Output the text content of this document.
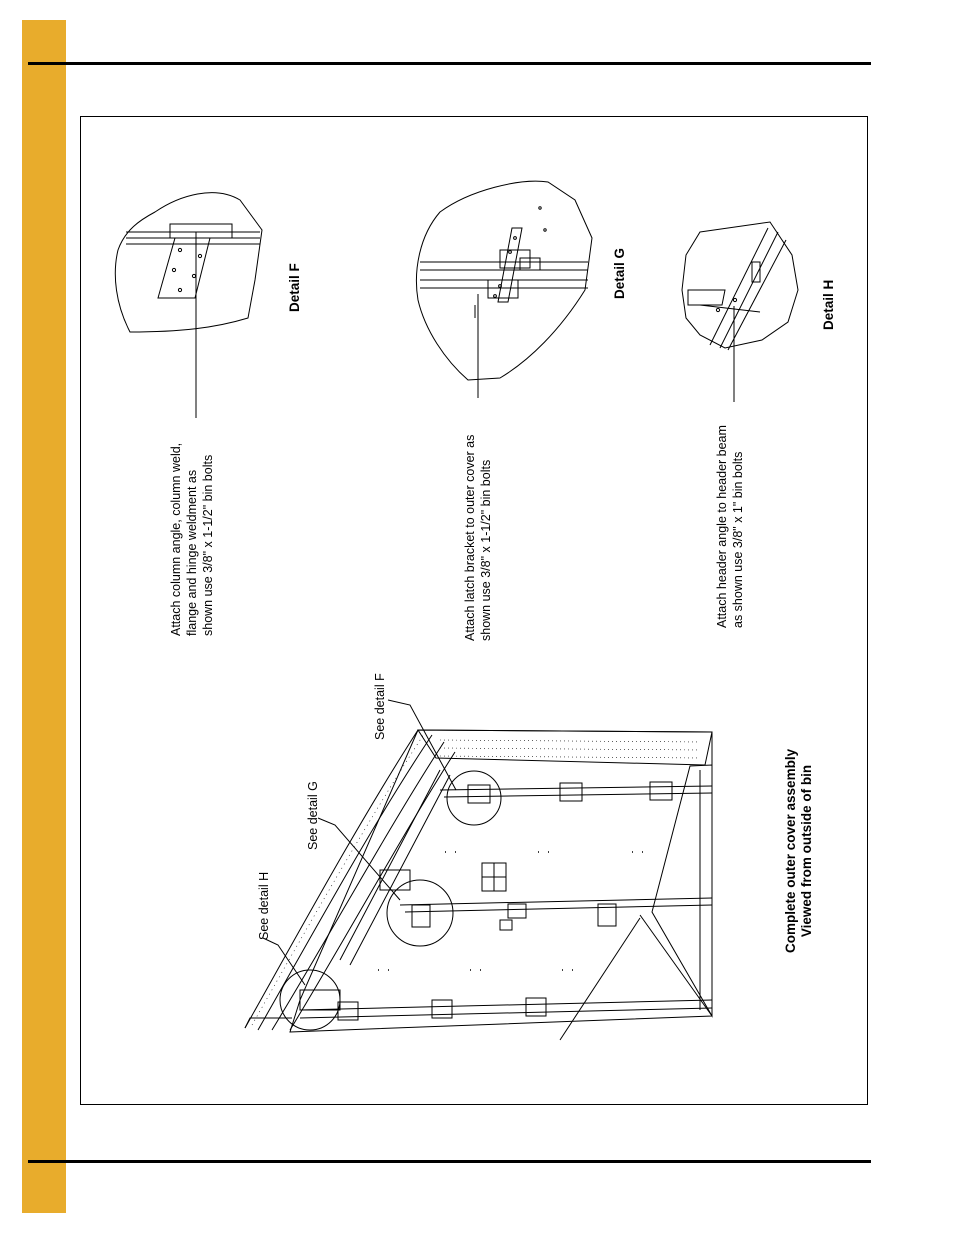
Detail F	Detail G
Detail H
Attach column angle, column weld, flange and hinge weldment as shown use 3/8" x 1-1/2" bin bolts	Attach latch bracket to outer cover as shown use 3/8" x 1-1/2" bin bolts	Attach header angle to header beam as shown use 3/8" x 1" bin bolts
See detail F
See detail G
See detail H	Complete outer cover assembly Viewed from outside of bin
